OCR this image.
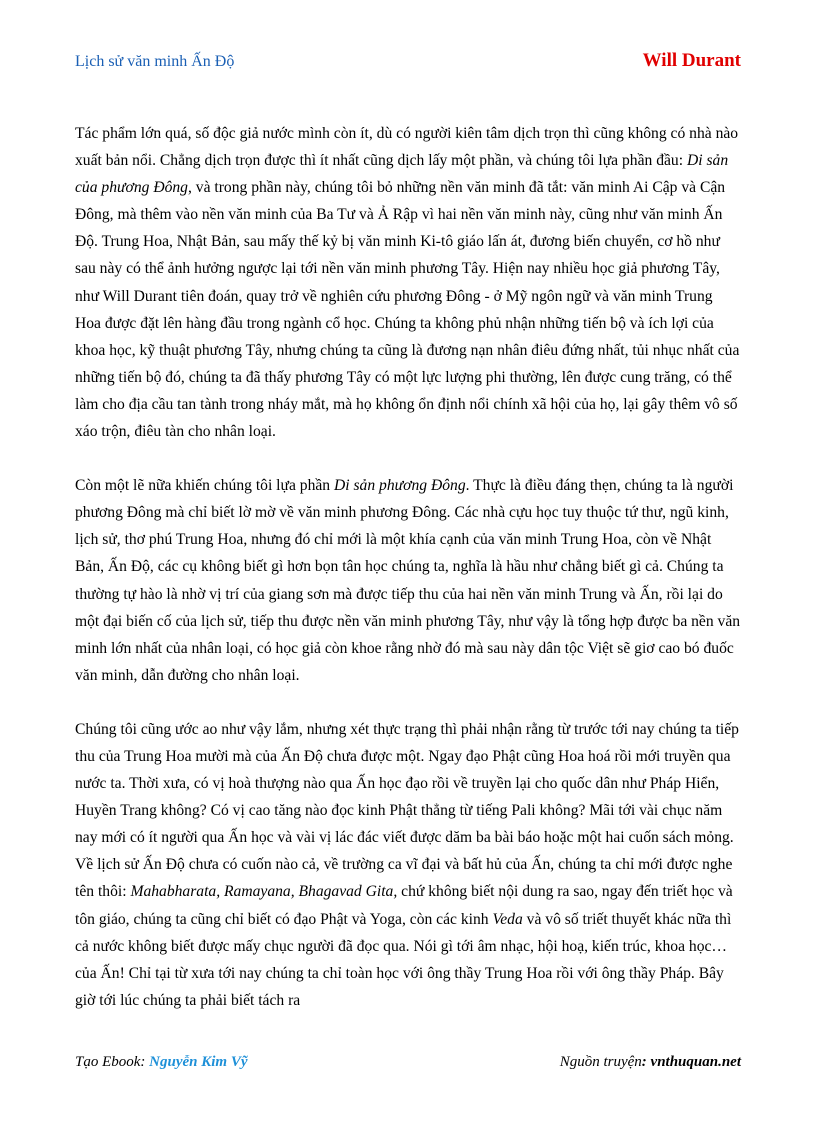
Lịch sử văn minh Ấn Độ	Will Durant

Tác phẩm lớn quá, số độc giả nước mình còn ít, dù có người kiên tâm dịch trọn thì cũng không có nhà nào xuất bản nổi. Chẳng dịch trọn được thì ít nhất cũng dịch lấy một phần, và chúng tôi lựa phần đầu: Di sản của phương Đông, và trong phần này, chúng tôi bỏ những nền văn minh đã tắt: văn minh Ai Cập và Cận Đông, mà thêm vào nền văn minh của Ba Tư và Ả Rập vì hai nền văn minh này, cũng như văn minh Ấn Độ. Trung Hoa, Nhật Bản, sau mấy thế kỷ bị văn minh Ki-tô giáo lấn át, đương biến chuyển, cơ hồ như sau này có thể ảnh hưởng ngược lại tới nền văn minh phương Tây. Hiện nay nhiều học giả phương Tây, như Will Durant tiên đoán, quay trở về nghiên cứu phương Đông - ở Mỹ ngôn ngữ và văn minh Trung Hoa được đặt lên hàng đầu trong ngành cổ học. Chúng ta không phủ nhận những tiến bộ và ích lợi của khoa học, kỹ thuật phương Tây, nhưng chúng ta cũng là đương nạn nhân điêu đứng nhất, tủi nhục nhất của những tiến bộ đó, chúng ta đã thấy phương Tây có một lực lượng phi thường, lên được cung trăng, có thể làm cho địa cầu tan tành trong nháy mắt, mà họ không ổn định nổi chính xã hội của họ, lại gây thêm vô số xáo trộn, điêu tàn cho nhân loại.

Còn một lẽ nữa khiến chúng tôi lựa phần Di sản phương Đông. Thực là điều đáng thẹn, chúng ta là người phương Đông mà chỉ biết lờ mờ về văn minh phương Đông. Các nhà cựu học tuy thuộc tứ thư, ngũ kinh, lịch sử, thơ phú Trung Hoa, nhưng đó chỉ mới là một khía cạnh của văn minh Trung Hoa, còn về Nhật Bản, Ấn Độ, các cụ không biết gì hơn bọn tân học chúng ta, nghĩa là hầu như chẳng biết gì cả. Chúng ta thường tự hào là nhờ vị trí của giang sơn mà được tiếp thu của hai nền văn minh Trung và Ấn, rồi lại do một đại biến cố của lịch sử, tiếp thu được nền văn minh phương Tây, như vậy là tổng hợp được ba nền văn minh lớn nhất của nhân loại, có học giả còn khoe rằng nhờ đó mà sau này dân tộc Việt sẽ giơ cao bó đuốc văn minh, dẫn đường cho nhân loại.

Chúng tôi cũng ước ao như vậy lắm, nhưng xét thực trạng thì phải nhận rằng từ trước tới nay chúng ta tiếp thu của Trung Hoa mười mà của Ấn Độ chưa được một. Ngay đạo Phật cũng Hoa hoá rồi mới truyền qua nước ta. Thời xưa, có vị hoà thượng nào qua Ấn học đạo rồi về truyền lại cho quốc dân như Pháp Hiển, Huyền Trang không? Có vị cao tăng nào đọc kinh Phật thẳng từ tiếng Pali không? Mãi tới vài chục năm nay mới có ít người qua Ấn học và vài vị lác đác viết được dăm ba bài báo hoặc một hai cuốn sách mỏng. Về lịch sử Ấn Độ chưa có cuốn nào cả, về trường ca vĩ đại và bất hủ của Ấn, chúng ta chỉ mới được nghe tên thôi: Mahabharata, Ramayana, Bhagavad Gita, chứ không biết nội dung ra sao, ngay đến triết học và tôn giáo, chúng ta cũng chỉ biết có đạo Phật và Yoga, còn các kinh Veda và vô số triết thuyết khác nữa thì cả nước không biết được mấy chục người đã đọc qua. Nói gì tới âm nhạc, hội hoạ, kiến trúc, khoa học… của Ấn! Chỉ tại từ xưa tới nay chúng ta chỉ toàn học với ông thầy Trung Hoa rồi với ông thầy Pháp. Bây giờ tới lúc chúng ta phải biết tách ra

Tạo Ebook: Nguyễn Kim Vỹ	Nguồn truyện: vnthuquan.net
